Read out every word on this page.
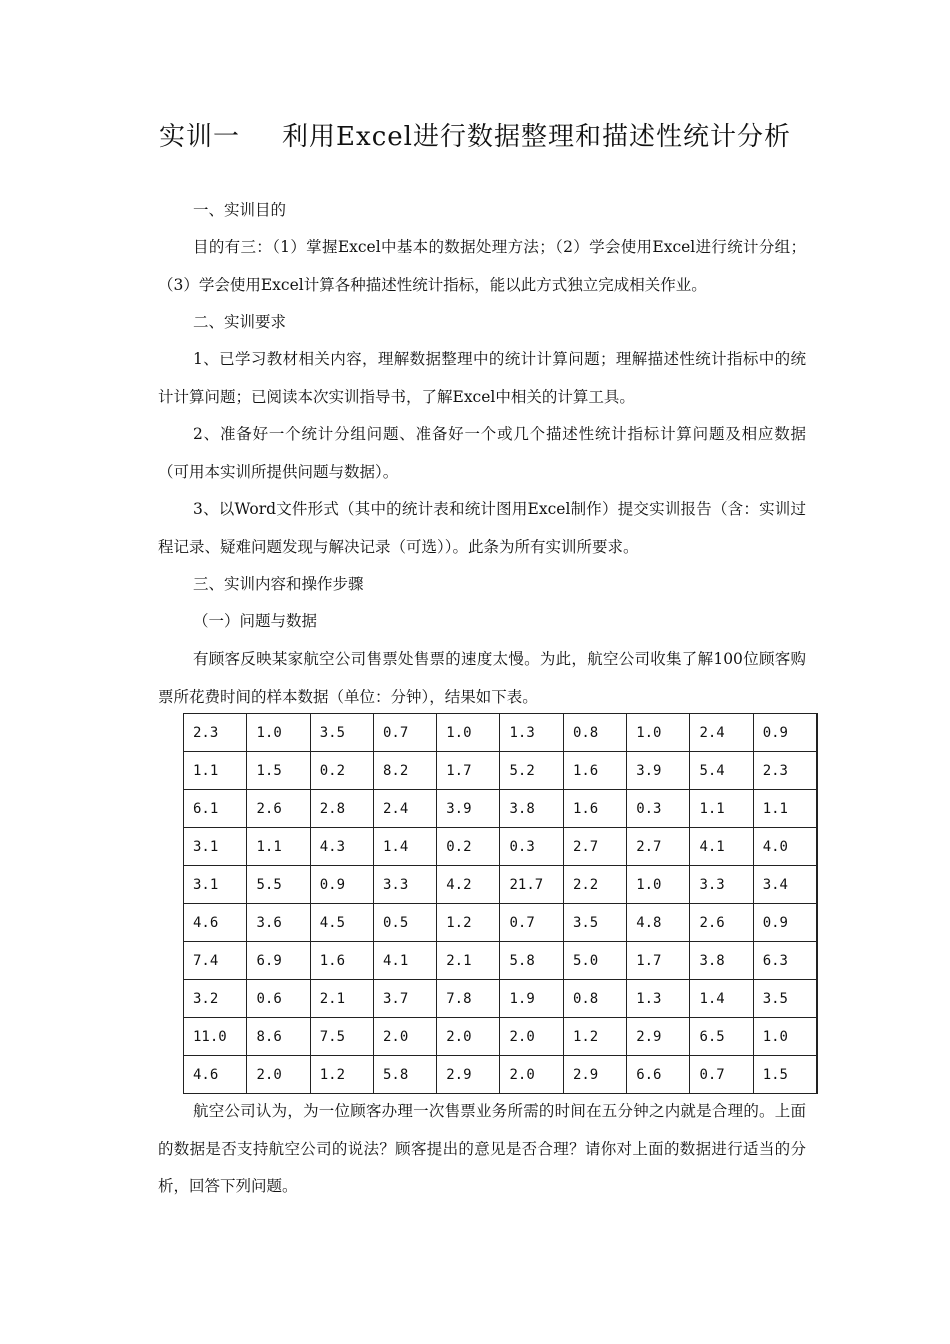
实训一 利用Excel进行数据整理和描述性统计分析

一、实训目的

目的有三：（1）掌握Excel中基本的数据处理方法；（2）学会使用Excel进行统计分组；（3）学会使用Excel计算各种描述性统计指标，能以此方式独立完成相关作业。

二、实训要求

1、已学习教材相关内容，理解数据整理中的统计计算问题；理解描述性统计指标中的统计计算问题；已阅读本次实训指导书，了解Excel中相关的计算工具。

2、准备好一个统计分组问题、准备好一个或几个描述性统计指标计算问题及相应数据（可用本实训所提供问题与数据）。

3、以Word文件形式（其中的统计表和统计图用Excel制作）提交实训报告（含：实训过程记录、疑难问题发现与解决记录（可选））。此条为所有实训所要求。

三、实训内容和操作步骤

（一）问题与数据

有顾客反映某家航空公司售票处售票的速度太慢。为此，航空公司收集了解100位顾客购票所花费时间的样本数据（单位：分钟），结果如下表。

2.3	1.0	3.5	0.7	1.0	1.3	0.8	1.0	2.4	0.9
1.1	1.5	0.2	8.2	1.7	5.2	1.6	3.9	5.4	2.3
6.1	2.6	2.8	2.4	3.9	3.8	1.6	0.3	1.1	1.1
3.1	1.1	4.3	1.4	0.2	0.3	2.7	2.7	4.1	4.0
3.1	5.5	0.9	3.3	4.2	21.7	2.2	1.0	3.3	3.4
4.6	3.6	4.5	0.5	1.2	0.7	3.5	4.8	2.6	0.9
7.4	6.9	1.6	4.1	2.1	5.8	5.0	1.7	3.8	6.3
3.2	0.6	2.1	3.7	7.8	1.9	0.8	1.3	1.4	3.5
11.0	8.6	7.5	2.0	2.0	2.0	1.2	2.9	6.5	1.0
4.6	2.0	1.2	5.8	2.9	2.0	2.9	6.6	0.7	1.5

航空公司认为，为一位顾客办理一次售票业务所需的时间在五分钟之内就是合理的。上面的数据是否支持航空公司的说法？顾客提出的意见是否合理？请你对上面的数据进行适当的分析，回答下列问题。
